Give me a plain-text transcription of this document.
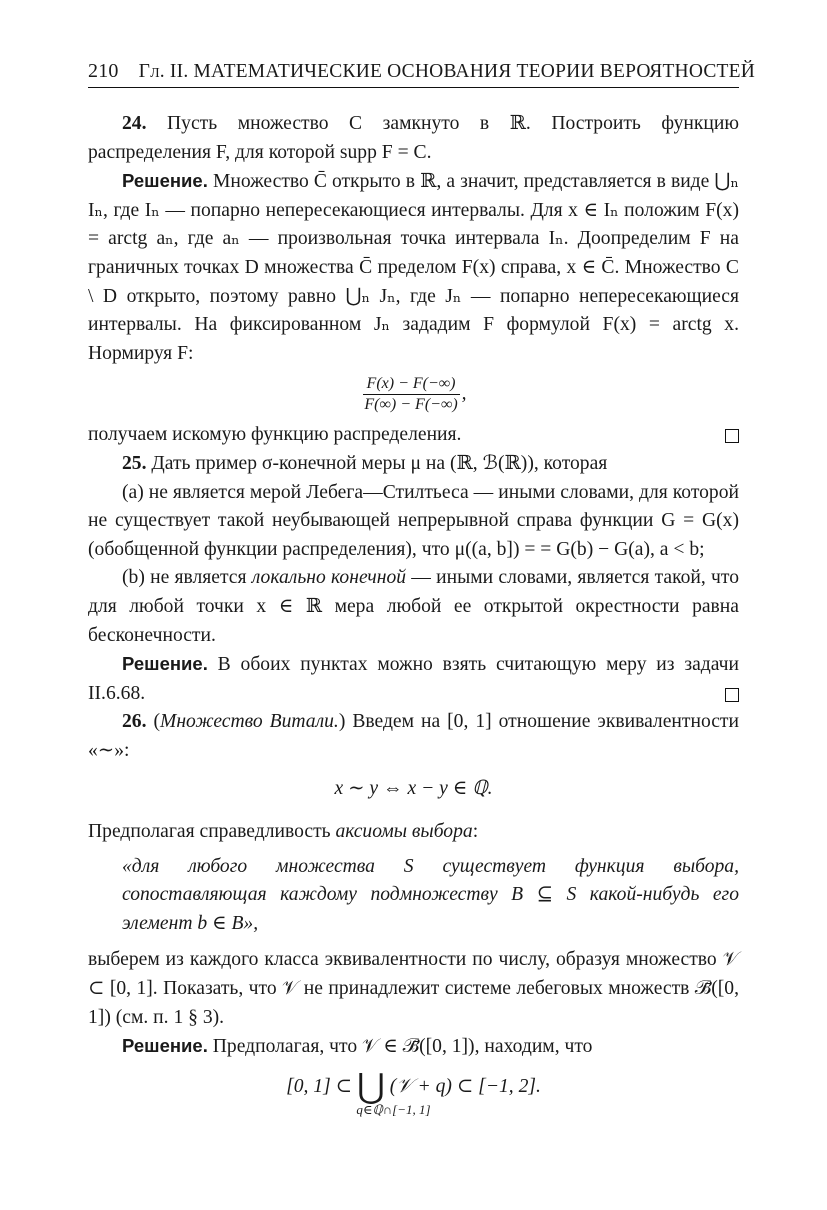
210 Гл. II. МАТЕМАТИЧЕСКИЕ ОСНОВАНИЯ ТЕОРИИ ВЕРОЯТНОСТЕЙ

24. Пусть множество C замкнуто в ℝ. Построить функцию распределения F, для которой supp F = C.

Решение. Множество C̄ открыто в ℝ, а значит, представляется в виде ⋃ₙ Iₙ, где Iₙ — попарно непересекающиеся интервалы. Для x ∈ Iₙ положим F(x) = arctg aₙ, где aₙ — произвольная точка интервала Iₙ. Доопределим F на граничных точках D множества C̄ пределом F(x) справа, x ∈ C̄. Множество C \ D открыто, поэтому равно ⋃ₙ Jₙ, где Jₙ — попарно непересекающиеся интервалы. На фиксированном Jₙ зададим F формулой F(x) = arctg x. Нормируя F:

$\frac{F(x) - F(-\infty)}{F(\infty) - F(-\infty)}$ ,

получаем искомую функцию распределения.

25. Дать пример σ-конечной меры μ на (ℝ, ℬ(ℝ)), которая

(a) не является мерой Лебега—Стилтьеса — иными словами, для которой не существует такой неубывающей непрерывной справа функции G = G(x) (обобщенной функции распределения), что μ((a, b]) = = G(b) − G(a), a < b;

(b) не является локально конечной — иными словами, является такой, что для любой точки x ∈ ℝ мера любой ее открытой окрестности равна бесконечности.

Решение. В обоих пунктах можно взять считающую меру из задачи II.6.68.

26. (Множество Витали.) Введем на [0, 1] отношение эквивалентности «∼»:

x ∼ y ⇔ x − y ∈ ℚ.

Предполагая справедливость аксиомы выбора:

«для любого множества S существует функция выбора, сопоставляющая каждому подмножеству B ⊆ S какой-нибудь его элемент b ∈ B»,

выберем из каждого класса эквивалентности по числу, образуя множество 𝒱 ⊂ [0, 1]. Показать, что 𝒱 не принадлежит системе лебеговых множеств ℬ̄([0, 1]) (см. п. 1 § 3).

Решение. Предполагая, что 𝒱 ∈ ℬ̄([0, 1]), находим, что

[0, 1] ⊂ ⋃ (𝒱 + q) ⊂ [−1, 2].
q∈ℚ∩[−1, 1]
